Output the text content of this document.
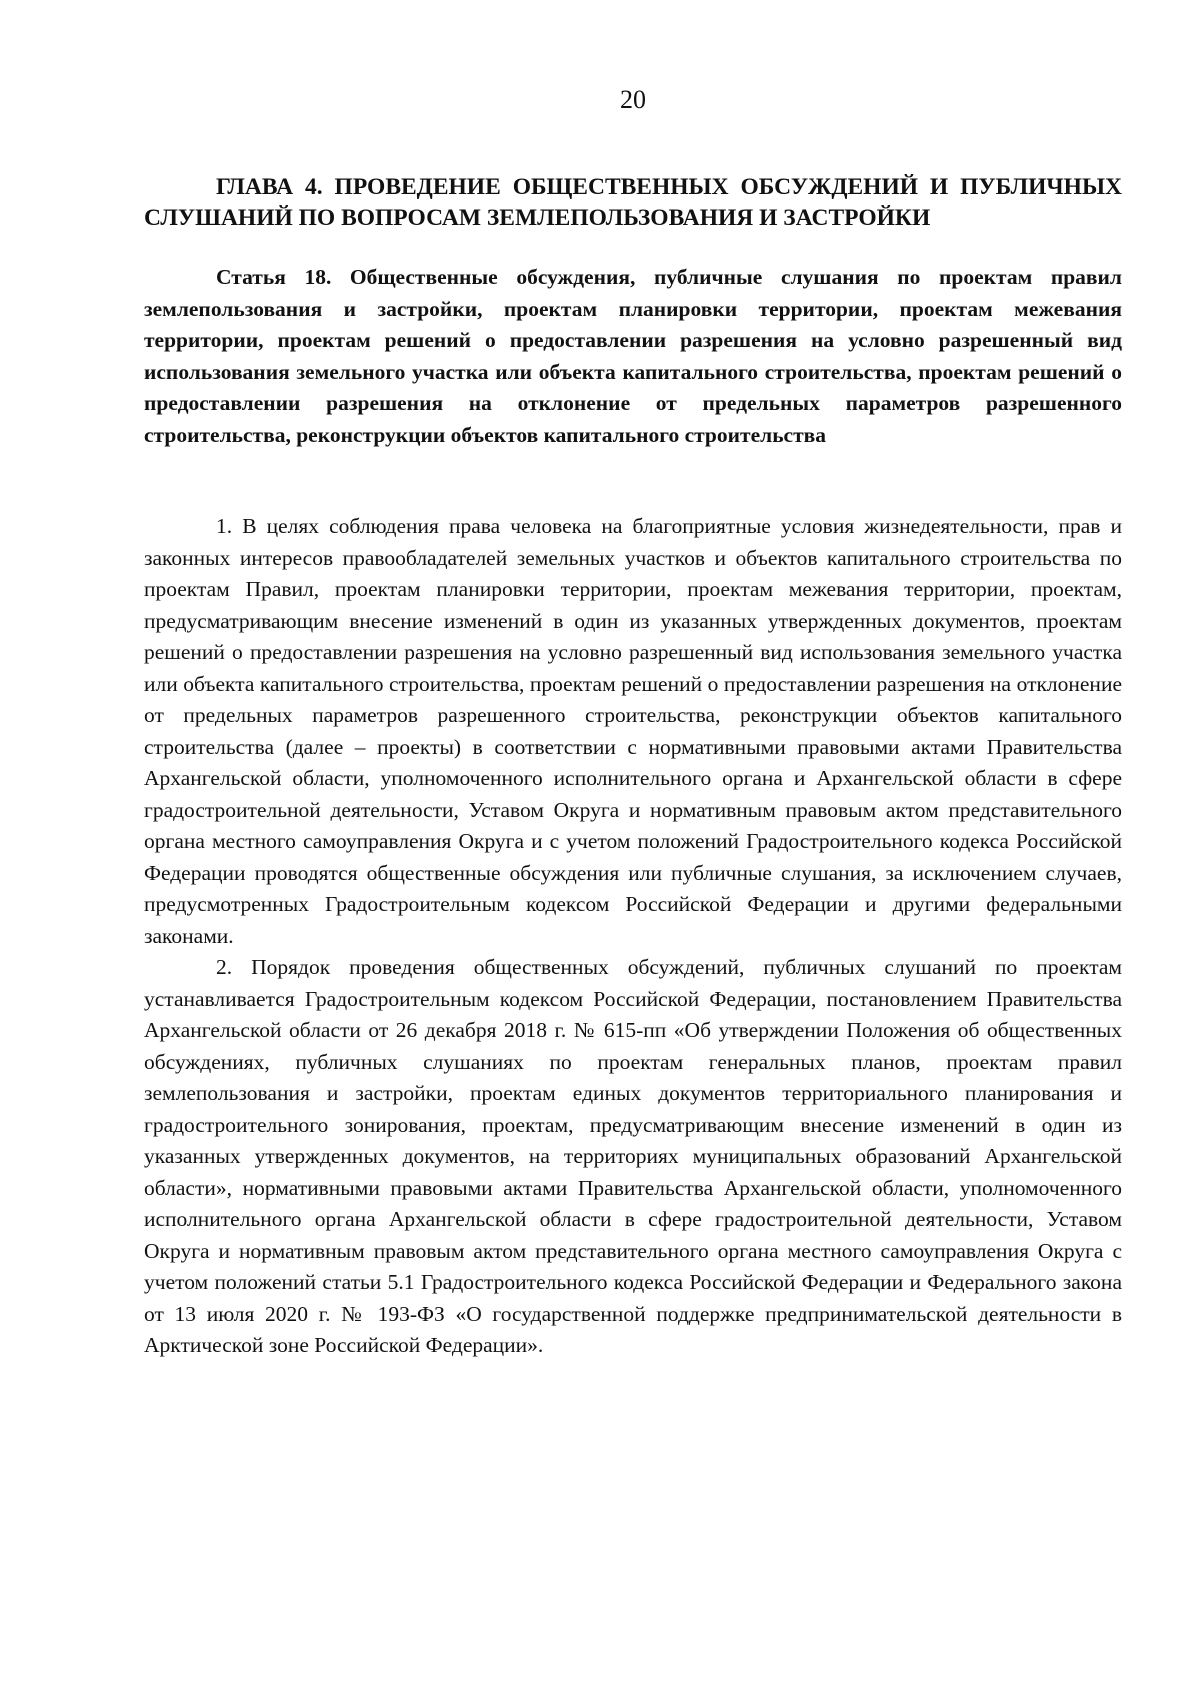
20
ГЛАВА 4. ПРОВЕДЕНИЕ ОБЩЕСТВЕННЫХ ОБСУЖДЕНИЙ И ПУБЛИЧНЫХ СЛУШАНИЙ ПО ВОПРОСАМ ЗЕМЛЕПОЛЬЗОВАНИЯ И ЗАСТРОЙКИ
Статья 18. Общественные обсуждения, публичные слушания по проектам правил землепользования и застройки, проектам планировки территории, проектам межевания территории, проектам решений о предоставлении разрешения на условно разрешенный вид использования земельного участка или объекта капитального строительства, проектам решений о предоставлении разрешения на отклонение от предельных параметров разрешенного строительства, реконструкции объектов капитального строительства

1. В целях соблюдения права человека на благоприятные условия жизнедеятельности, прав и законных интересов правообладателей земельных участков и объектов капитального строительства по проектам Правил, проектам планировки территории, проектам межевания территории, проектам, предусматривающим внесение изменений в один из указанных утвержденных документов, проектам решений о предоставлении разрешения на условно разрешенный вид использования земельного участка или объекта капитального строительства, проектам решений о предоставлении разрешения на отклонение от предельных параметров разрешенного строительства, реконструкции объектов капитального строительства (далее – проекты) в соответствии с нормативными правовыми актами Правительства Архангельской области, уполномоченного исполнительного органа и Архангельской области в сфере градостроительной деятельности, Уставом Округа и нормативным правовым актом представительного органа местного самоуправления Округа и с учетом положений Градостроительного кодекса Российской Федерации проводятся общественные обсуждения или публичные слушания, за исключением случаев, предусмотренных Градостроительным кодексом Российской Федерации и другими федеральными законами.

2. Порядок проведения общественных обсуждений, публичных слушаний по проектам устанавливается Градостроительным кодексом Российской Федерации, постановлением Правительства Архангельской области от 26 декабря 2018 г. № 615-пп «Об утверждении Положения об общественных обсуждениях, публичных слушаниях по проектам генеральных планов, проектам правил землепользования и застройки, проектам единых документов территориального планирования и градостроительного зонирования, проектам, предусматривающим внесение изменений в один из указанных утвержденных документов, на территориях муниципальных образований Архангельской области», нормативными правовыми актами Правительства Архангельской области, уполномоченного исполнительного органа Архангельской области в сфере градостроительной деятельности, Уставом Округа и нормативным правовым актом представительного органа местного самоуправления Округа с учетом положений статьи 5.1 Градостроительного кодекса Российской Федерации и Федерального закона от 13 июля 2020 г. № 193-ФЗ «О государственной поддержке предпринимательской деятельности в Арктической зоне Российской Федерации».
